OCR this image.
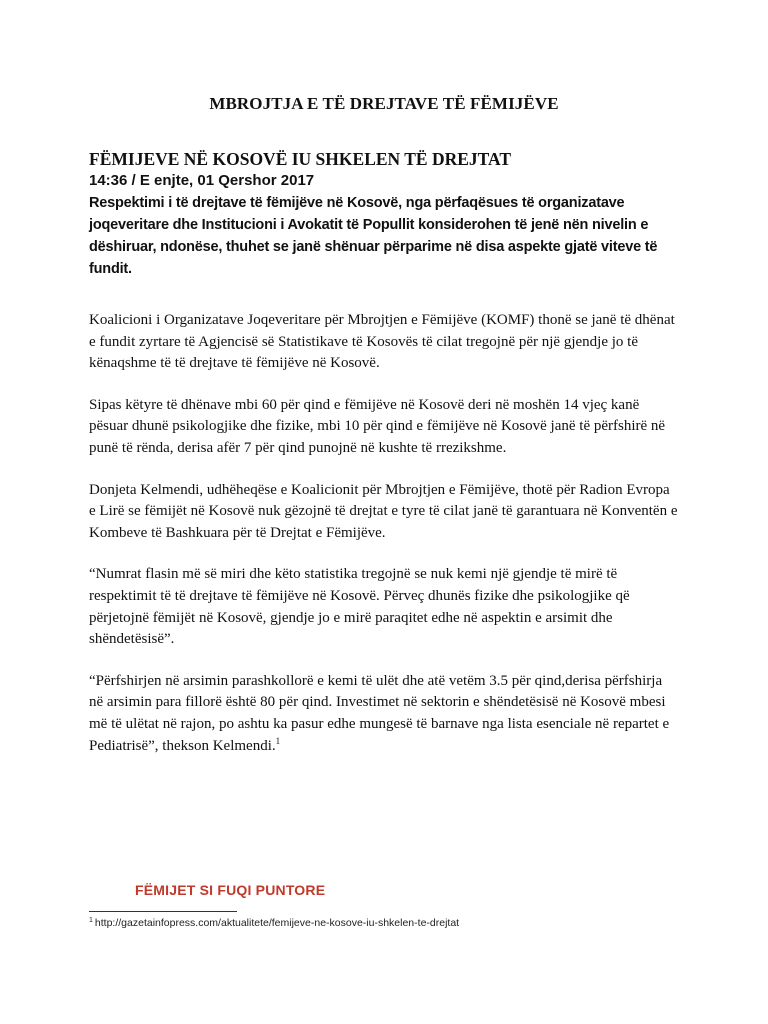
MBROJTJA E TË DREJTAVE TË FËMIJËVE

FËMIJEVE NË KOSOVË IU SHKELEN TË DREJTAT

14:36 / E enjte, 01 Qershor 2017

Respektimi i të drejtave të fëmijëve në Kosovë, nga përfaqësues të organizatave joqeveritare dhe Institucioni i Avokatit të Popullit konsiderohen të jenë nën nivelin e dëshiruar, ndonëse, thuhet se janë shënuar përparime në disa aspekte gjatë viteve të fundit.

Koalicioni i Organizatave Joqeveritare për Mbrojtjen e Fëmijëve (KOMF) thonë se janë të dhënat e fundit zyrtare të Agjencisë së Statistikave të Kosovës të cilat tregojnë për një gjendje jo të kënaqshme të të drejtave të fëmijëve në Kosovë.

Sipas këtyre të dhënave mbi 60 për qind e fëmijëve në Kosovë deri në moshën 14 vjeç kanë pësuar dhunë psikologjike dhe fizike, mbi 10 për qind e fëmijëve në Kosovë janë të përfshirë në punë të rënda, derisa afër 7 për qind punojnë në kushte të rrezikshme.

Donjeta Kelmendi, udhëheqëse e Koalicionit për Mbrojtjen e Fëmijëve, thotë për Radion Evropa e Lirë se fëmijët në Kosovë nuk gëzojnë të drejtat e tyre të cilat janë të garantuara në Konventën e Kombeve të Bashkuara për të Drejtat e Fëmijëve.

“Numrat flasin më së miri dhe këto statistika tregojnë se nuk kemi një gjendje të mirë të respektimit të të drejtave të fëmijëve në Kosovë. Përveç dhunës fizike dhe psikologjike që përjetojnë fëmijët në Kosovë, gjendje jo e mirë paraqitet edhe në aspektin e arsimit dhe shëndetësisë”.

“Përfshirjen në arsimin parashkollorë e kemi të ulët dhe atë vetëm 3.5 për qind,derisa përfshirja në arsimin para fillorë është 80 për qind. Investimet në sektorin e shëndetësisë në Kosovë mbesi më të ulëtat në rajon, po ashtu ka pasur edhe mungesë të barnave nga lista esenciale në repartet e Pediatrisë”, thekson Kelmendi.$^1$

FËMIJET SI FUQI PUNTORE
$^1$ http://gazetainfopress.com/aktualitete/femijeve-ne-kosove-iu-shkelen-te-drejtat
